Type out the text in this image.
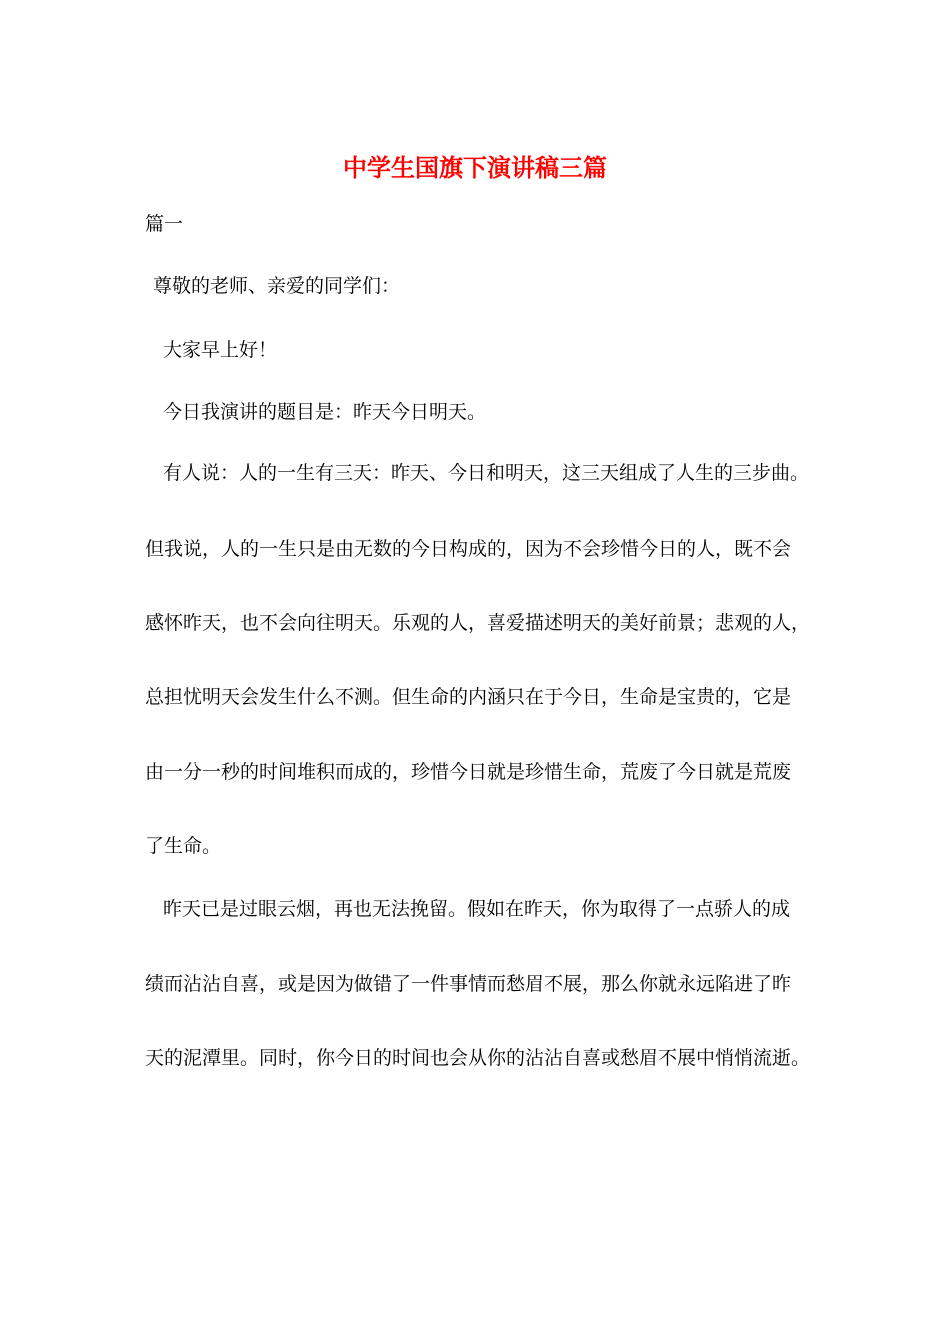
中学生国旗下演讲稿三篇

篇一

尊敬的老师、亲爱的同学们：

大家早上好！

今日我演讲的题目是：昨天今日明天。

有人说：人的一生有三天：昨天、今日和明天，这三天组成了人生的三步曲。

但我说，人的一生只是由无数的今日构成的，因为不会珍惜今日的人，既不会

感怀昨天，也不会向往明天。乐观的人，喜爱描述明天的美好前景；悲观的人，

总担忧明天会发生什么不测。但生命的内涵只在于今日，生命是宝贵的，它是

由一分一秒的时间堆积而成的，珍惜今日就是珍惜生命，荒废了今日就是荒废

了生命。

昨天已是过眼云烟，再也无法挽留。假如在昨天，你为取得了一点骄人的成

绩而沾沾自喜，或是因为做错了一件事情而愁眉不展，那么你就永远陷进了昨

天的泥潭里。同时，你今日的时间也会从你的沾沾自喜或愁眉不展中悄悄流逝。
